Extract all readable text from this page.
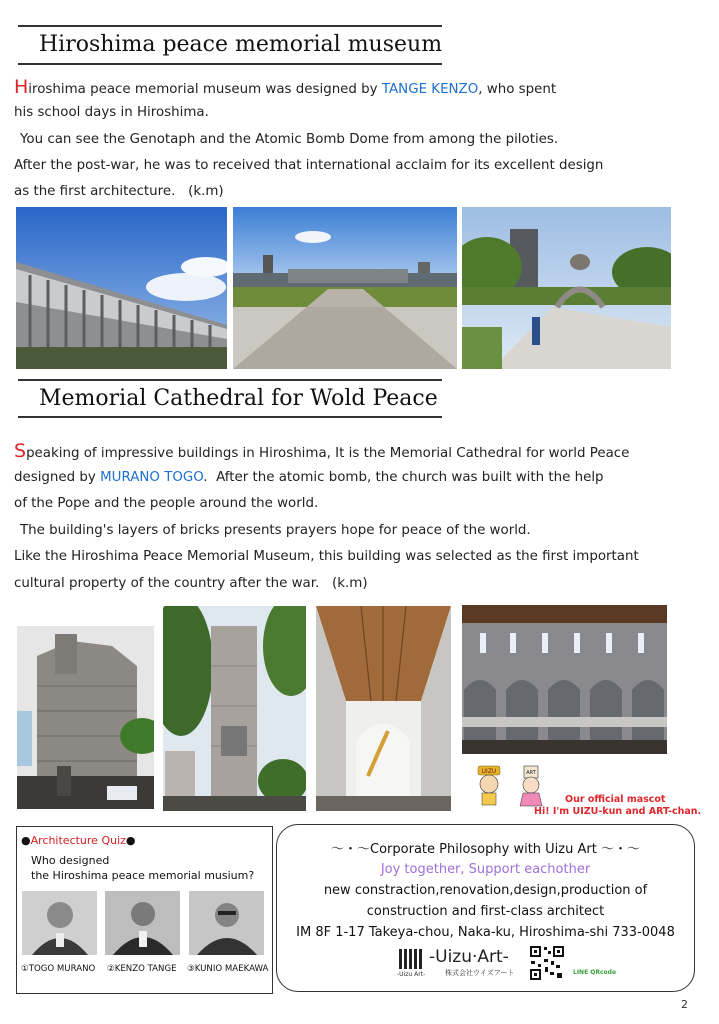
Hiroshima peace memorial museum
Hiroshima peace memorial museum was designed by TANGE KENZO, who spent
his school days in Hiroshima.
You can see the Genotaph and the Atomic Bomb Dome from among the piloties.
After the post-war, he was to received that international acclaim for its excellent design
as the first architecture.   (k.m)
Memorial Cathedral for Wold Peace
Speaking of impressive buildings in Hiroshima, It is the Memorial Cathedral for world Peace
designed by MURANO TOGO.  After the atomic bomb, the church was built with the help
of the Pope and the people around the world.
The building's layers of bricks presents prayers hope for peace of the world.
Like the Hiroshima Peace Memorial Museum, this building was selected as the first important
cultural property of the country after the war.   (k.m)
UIZU	ART
Our official mascot
Hi! I'm UIZU-kun and ART-chan.
●Architecture Quiz●
Who designed
the Hiroshima peace memorial musium?
①TOGO MURANO ②KENZO TANGE ③KUNIO MAEKAWA
～・～Corporate Philosophy with Uizu Art ～・～
Joy together, Support eachother
new constraction,renovation,design,production of
construction and first-class architect
IM 8F 1-17 Takeya-chou, Naka-ku, Hiroshima-shi 733-0048
-Uizu Art-
-Uizu·Art-
株式会社ウイズアート	LINE QRcode
2
